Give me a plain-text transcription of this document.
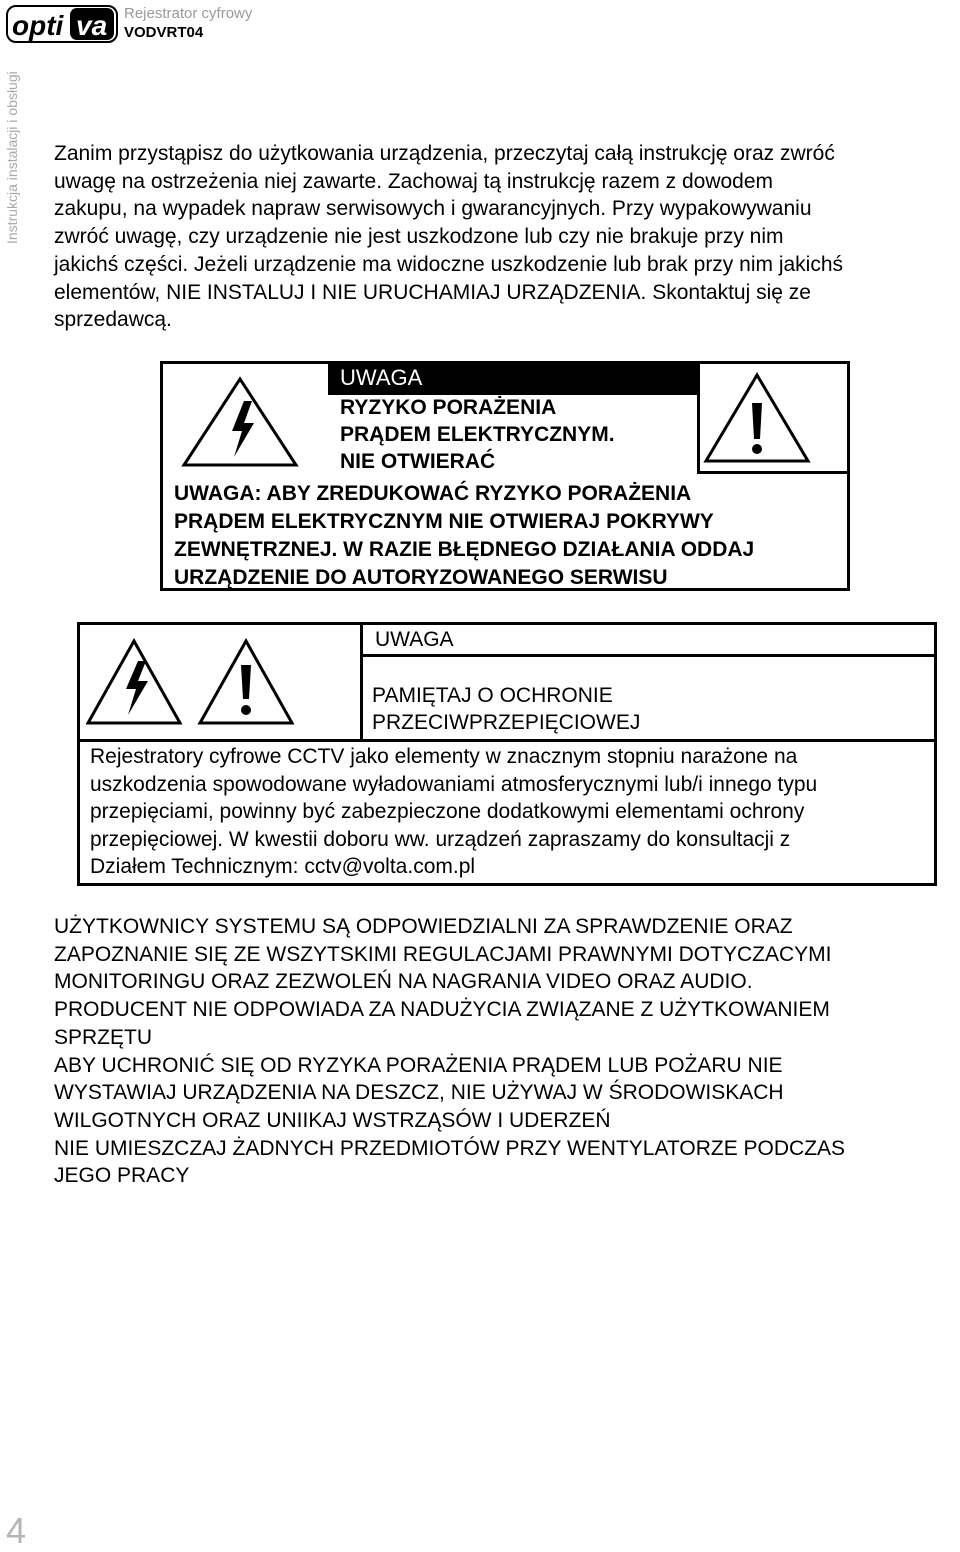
opti va Rejestrator cyfrowy
VODVRT04
Instrukcja instalacji i obsługi Zanim przystąpisz do użytkowania urządzenia, przeczytaj całą instrukcję oraz zwróć
uwagę na ostrzeżenia niej zawarte. Zachowaj tą instrukcję razem z dowodem
zakupu, na wypadek napraw serwisowych i gwarancyjnych. Przy wypakowywaniu
zwróć uwagę, czy urządzenie nie jest uszkodzone lub czy nie brakuje przy nim
jakichś części. Jeżeli urządzenie ma widoczne uszkodzenie lub brak przy nim jakichś
elementów, NIE INSTALUJ I NIE URUCHAMIAJ URZĄDZENIA. Skontaktuj się ze
sprzedawcą.
UWAGA
RYZYKO PORAŻENIA
PRĄDEM ELEKTRYCZNYM.
NIE OTWIERAĆ
UWAGA: ABY ZREDUKOWAĆ RYZYKO PORAŻENIA
PRĄDEM ELEKTRYCZNYM NIE OTWIERAJ POKRYWY
ZEWNĘTRZNEJ. W RAZIE BŁĘDNEGO DZIAŁANIA ODDAJ
URZĄDZENIE DO AUTORYZOWANEGO SERWISU
UWAGA
PAMIĘTAJ O OCHRONIE
PRZECIWPRZEPIĘCIOWEJ
Rejestratory cyfrowe CCTV jako elementy w znacznym stopniu narażone na
uszkodzenia spowodowane wyładowaniami atmosferycznymi lub/i innego typu
przepięciami, powinny być zabezpieczone dodatkowymi elementami ochrony
przepięciowej. W kwestii doboru ww. urządzeń zapraszamy do konsultacji z
Działem Technicznym: cctv@volta.com.pl
UŻYTKOWNICY SYSTEMU SĄ ODPOWIEDZIALNI ZA SPRAWDZENIE ORAZ
ZAPOZNANIE SIĘ ZE WSZYTSKIMI REGULACJAMI PRAWNYMI DOTYCZACYMI
MONITORINGU ORAZ ZEZWOLEŃ NA NAGRANIA VIDEO ORAZ AUDIO.
PRODUCENT NIE ODPOWIADA ZA NADUŻYCIA ZWIĄZANE Z UŻYTKOWANIEM
SPRZĘTU
ABY UCHRONIĆ SIĘ OD RYZYKA PORAŻENIA PRĄDEM LUB POŻARU NIE
WYSTAWIAJ URZĄDZENIA NA DESZCZ, NIE UŻYWAJ W ŚRODOWISKACH
WILGOTNYCH ORAZ UNIIKAJ WSTRZĄSÓW I UDERZEŃ
NIE UMIESZCZAJ ŻADNYCH PRZEDMIOTÓW PRZY WENTYLATORZE PODCZAS
JEGO PRACY
4
